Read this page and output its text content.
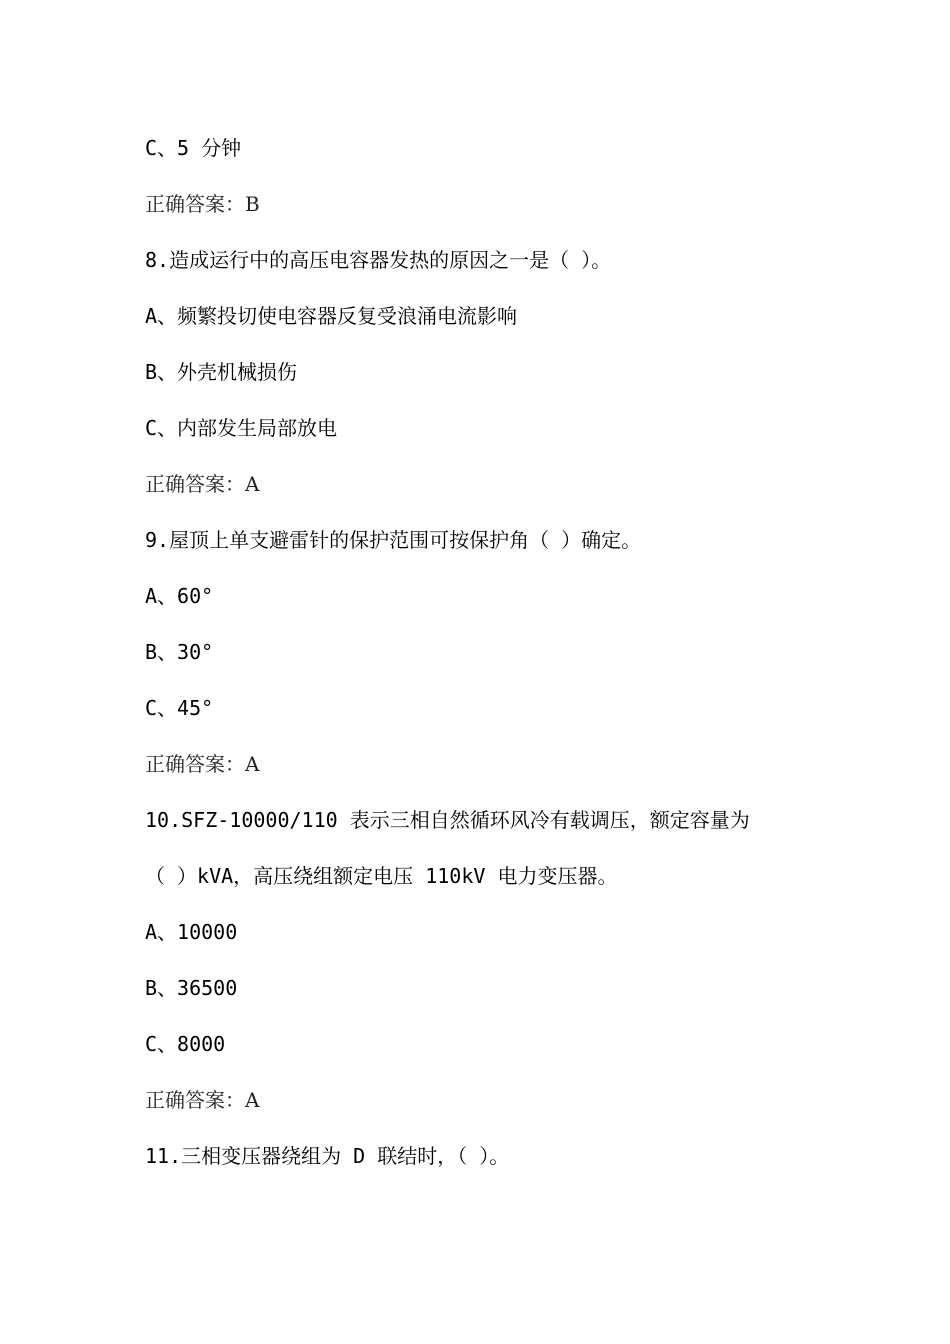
C、5 分钟
正确答案：B
8.造成运行中的高压电容器发热的原因之一是（ ）。
A、频繁投切使电容器反复受浪涌电流影响
B、外壳机械损伤
C、内部发生局部放电
正确答案：A
9.屋顶上单支避雷针的保护范围可按保护角（ ）确定。
A、60°
B、30°
C、45°
正确答案：A
10.SFZ-10000/110 表示三相自然循环风冷有载调压，额定容量为
（ ）kVA，高压绕组额定电压 110kV 电力变压器。
A、10000
B、36500
C、8000
正确答案：A
11.三相变压器绕组为 D 联结时，（ ）。
